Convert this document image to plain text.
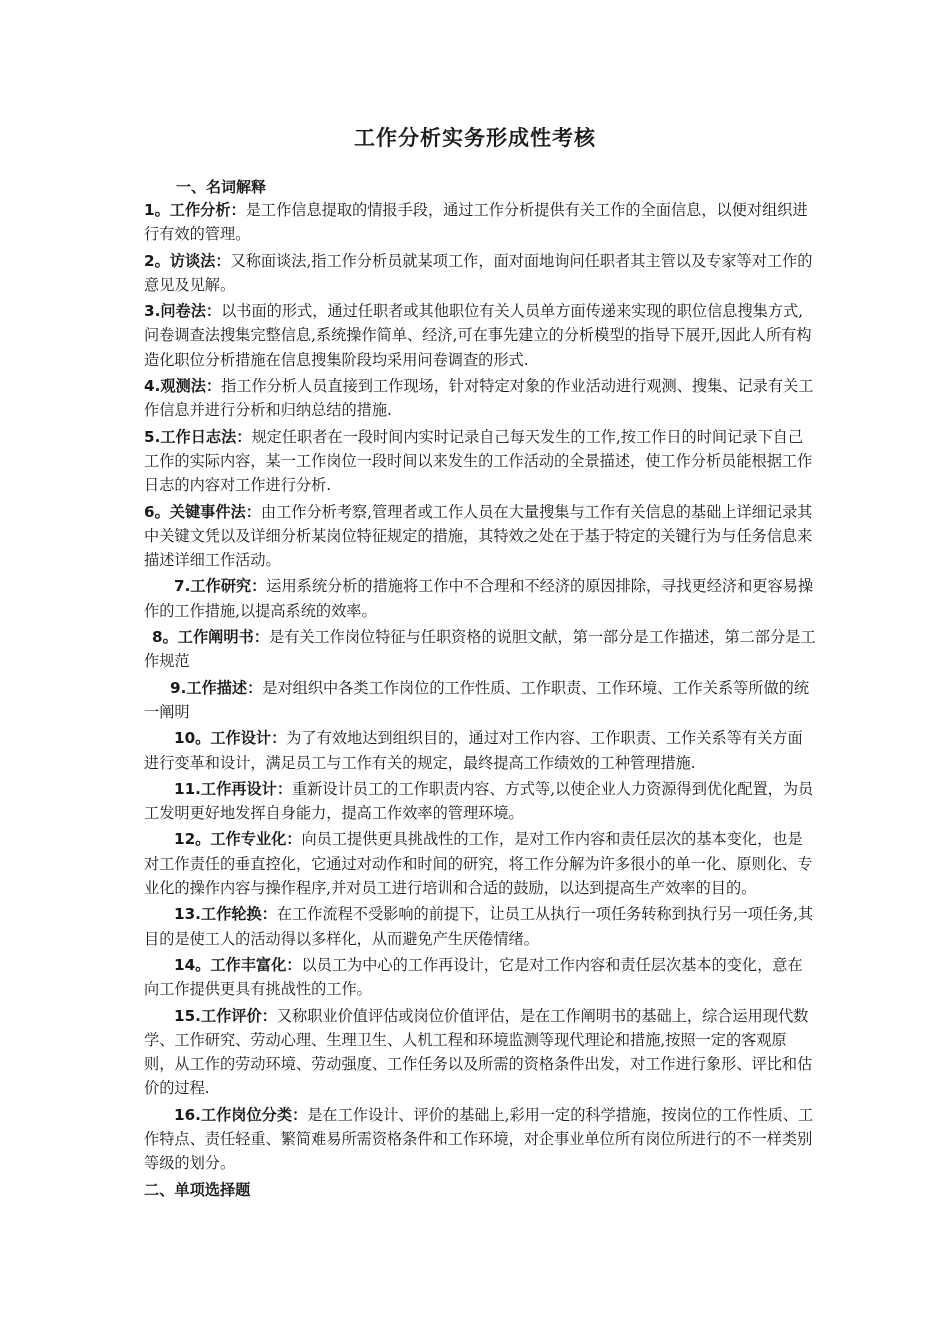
工作分析实务形成性考核
一、名词解释

1。工作分析：是工作信息提取的情报手段，通过工作分析提供有关工作的全面信息，以便对组织进行有效的管理。

2。访谈法：又称面谈法,指工作分析员就某项工作，面对面地询问任职者其主管以及专家等对工作的意见及见解。

3.问卷法：以书面的形式，通过任职者或其他职位有关人员单方面传递来实现的职位信息搜集方式,问卷调查法搜集完整信息,系统操作简单、经济,可在事先建立的分析模型的指导下展开,因此人所有构造化职位分析措施在信息搜集阶段均采用问卷调查的形式.

4.观测法：指工作分析人员直接到工作现场，针对特定对象的作业活动进行观测、搜集、记录有关工作信息并进行分析和归纳总结的措施.

5.工作日志法：规定任职者在一段时间内实时记录自己每天发生的工作,按工作日的时间记录下自己工作的实际内容，某一工作岗位一段时间以来发生的工作活动的全景描述，使工作分析员能根据工作日志的内容对工作进行分析.

6。关键事件法：由工作分析考察,管理者或工作人员在大量搜集与工作有关信息的基础上详细记录其中关键文凭以及详细分析某岗位特征规定的措施，其特效之处在于基于特定的关键行为与任务信息来描述详细工作活动。

7.工作研究：运用系统分析的措施将工作中不合理和不经济的原因排除，寻找更经济和更容易操作的工作措施,以提高系统的效率。

8。工作阐明书：是有关工作岗位特征与任职资格的说胆文献，第一部分是工作描述，第二部分是工作规范

9.工作描述：是对组织中各类工作岗位的工作性质、工作职责、工作环境、工作关系等所做的统一阐明

10。工作设计：为了有效地达到组织目的，通过对工作内容、工作职责、工作关系等有关方面进行变革和设计，满足员工与工作有关的规定，最终提高工作绩效的工种管理措施.

11.工作再设计：重新设计员工的工作职责内容、方式等,以使企业人力资源得到优化配置，为员工发明更好地发挥自身能力，提高工作效率的管理环境。

12。工作专业化：向员工提供更具挑战性的工作，是对工作内容和责任层次的基本变化，也是对工作责任的垂直控化，它通过对动作和时间的研究，将工作分解为许多很小的单一化、原则化、专业化的操作内容与操作程序,并对员工进行培训和合适的鼓励，以达到提高生产效率的目的。

13.工作轮换：在工作流程不受影响的前提下，让员工从执行一项任务转称到执行另一项任务,其目的是使工人的活动得以多样化，从而避免产生厌倦情绪。

14。工作丰富化：以员工为中心的工作再设计，它是对工作内容和责任层次基本的变化，意在向工作提供更具有挑战性的工作。

15.工作评价：又称职业价值评估或岗位价值评估，是在工作阐明书的基础上，综合运用现代数学、工作研究、劳动心理、生理卫生、人机工程和环境监测等现代理论和措施,按照一定的客观原则，从工作的劳动环境、劳动强度、工作任务以及所需的资格条件出发，对工作进行象形、评比和估价的过程.

16.工作岗位分类：是在工作设计、评价的基础上,彩用一定的科学措施，按岗位的工作性质、工作特点、责任轻重、繁简难易所需资格条件和工作环境，对企事业单位所有岗位所进行的不一样类别等级的划分。

二、单项选择题
